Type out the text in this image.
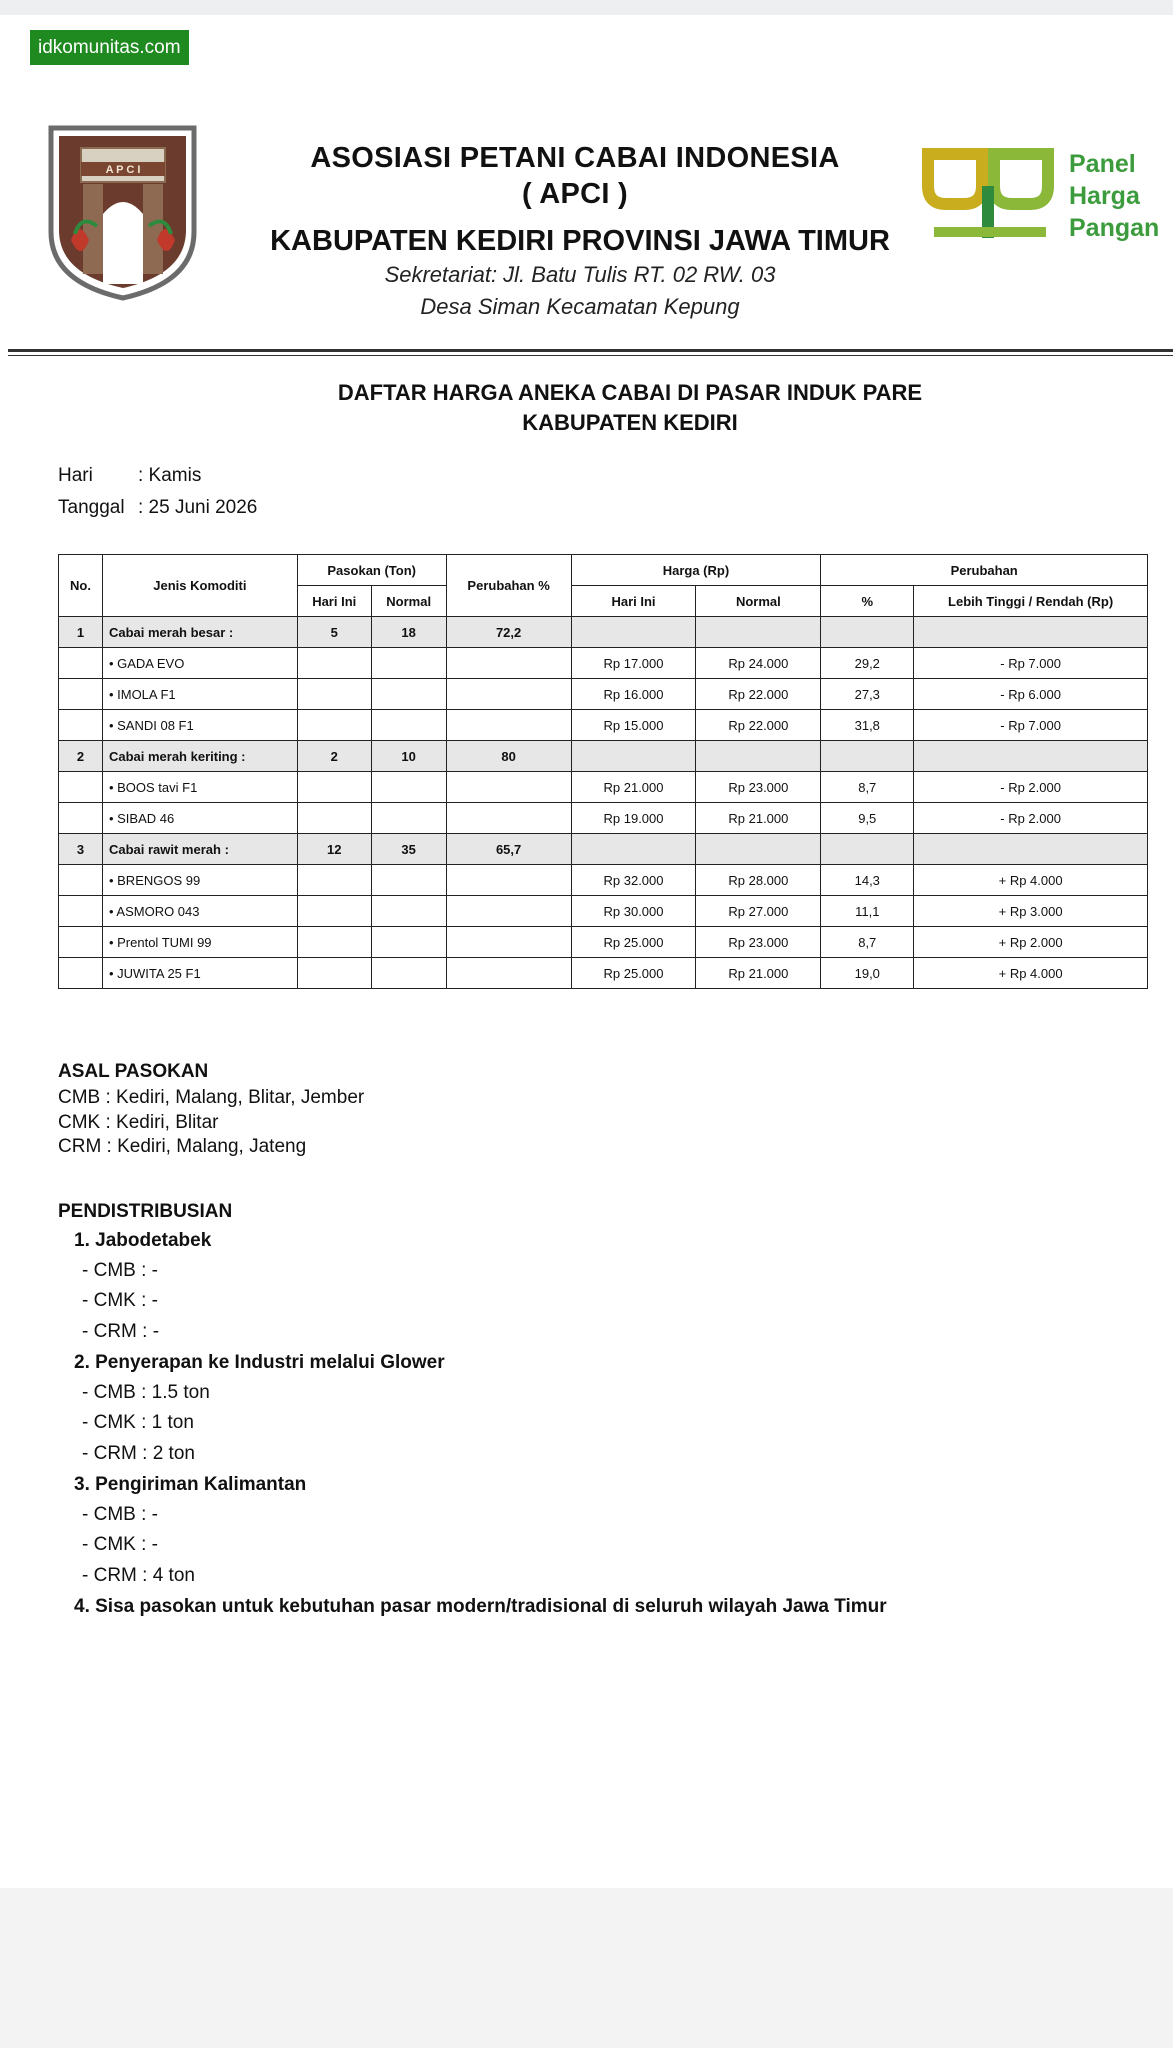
idkomunitas.com
A P C I	ASOSIASI PETANI CABAI INDONESIA
( APCI )
KABUPATEN KEDIRI PROVINSI JAWA TIMUR
Sekretariat: Jl. Batu Tulis RT. 02 RW. 03
Desa Siman Kecamatan Kepung
Panel
Harga
Pangan
DAFTAR HARGA ANEKA CABAI DI PASAR INDUK PARE
KABUPATEN KEDIRI
Hari : Kamis
Tanggal : 25 Juni 2026
No.	Jenis Komoditi	Pasokan (Ton)		Perubahan %	Harga (Rp)		Perubahan	
		Hari Ini	Normal		Hari Ini	Normal	%	Lebih Tinggi / Rendah (Rp)
1	Cabai merah besar :	5	18	72,2				
	• GADA EVO				Rp 17.000	Rp 24.000	29,2	- Rp 7.000
	• IMOLA F1				Rp 16.000	Rp 22.000	27,3	- Rp 6.000
	• SANDI 08 F1				Rp 15.000	Rp 22.000	31,8	- Rp 7.000
2	Cabai merah keriting :	2	10	80				
	• BOOS tavi F1				Rp 21.000	Rp 23.000	8,7	- Rp 2.000
	• SIBAD 46				Rp 19.000	Rp 21.000	9,5	- Rp 2.000
3	Cabai rawit merah :	12	35	65,7				
	• BRENGOS 99				Rp 32.000	Rp 28.000	14,3	+ Rp 4.000
	• ASMORO 043				Rp 30.000	Rp 27.000	11,1	+ Rp 3.000
	• Prentol TUMI 99				Rp 25.000	Rp 23.000	8,7	+ Rp 2.000
	• JUWITA 25 F1				Rp 25.000	Rp 21.000	19,0	+ Rp 4.000
ASAL PASOKAN
CMB : Kediri, Malang, Blitar, Jember
CMK : Kediri, Blitar
CRM : Kediri, Malang, Jateng
PENDISTRIBUSIAN
1. Jabodetabek
- CMB : -
- CMK : -
- CRM : -
2. Penyerapan ke Industri melalui Glower
- CMB : 1.5 ton
- CMK : 1 ton
- CRM : 2 ton
3. Pengiriman Kalimantan
- CMB : -
- CMK : -
- CRM : 4 ton
4. Sisa pasokan untuk kebutuhan pasar modern/tradisional di seluruh wilayah Jawa Timur
